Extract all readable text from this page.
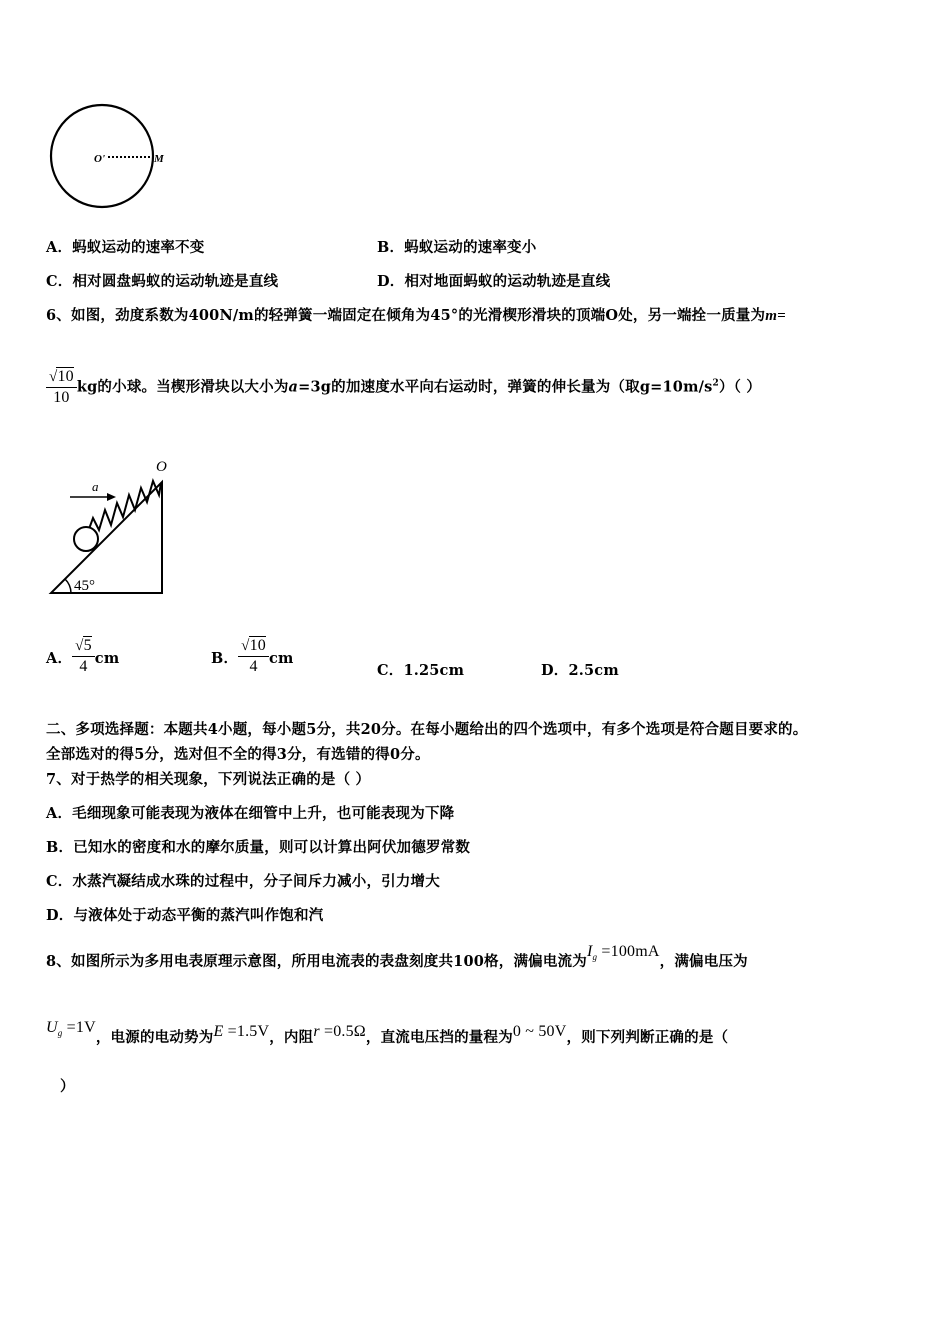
O'	M
A．蚂蚁运动的速率不变	B．蚂蚁运动的速率变小
C．相对圆盘蚂蚁的运动轨迹是直线	D．相对地面蚂蚁的运动轨迹是直线
6、如图，劲度系数为400N/m的轻弹簧一端固定在倾角为45°的光滑楔形滑块的顶端O处，另一端拴一质量为m=
$\frac{√10}{10}$ kg的小球。当楔形滑块以大小为a=3g的加速度水平向右运动时，弹簧的伸长量为（取$g=10m/s^2$）（ ）
O
a
45°
A． $\frac{√5}{4}$ cm	B． $\frac{√10}{4}$ cm
C．1.25cm	D．2.5cm
二、多项选择题：本题共4小题，每小题5分，共20分。在每小题给出的四个选项中，有多个选项是符合题目要求的。
全部选对的得5分，选对但不全的得3分，有选错的得0分。
7、对于热学的相关现象，下列说法正确的是（ ）
A．毛细现象可能表现为液体在细管中上升，也可能表现为下降
B．已知水的密度和水的摩尔质量，则可以计算出阿伏加德罗常数
C．水蒸汽凝结成水珠的过程中，分子间斥力减小，引力增大
D．与液体处于动态平衡的蒸汽叫作饱和汽
8、如图所示为多用电表原理示意图，所用电流表的表盘刻度共100格，满偏电流为$I_g =100mA$，满偏电压为
$U_g =1V$，电源的电动势为E =1.5V，内阻r =0.5Ω，直流电压挡的量程为0 ~ 50V，则下列判断正确的是（
）
